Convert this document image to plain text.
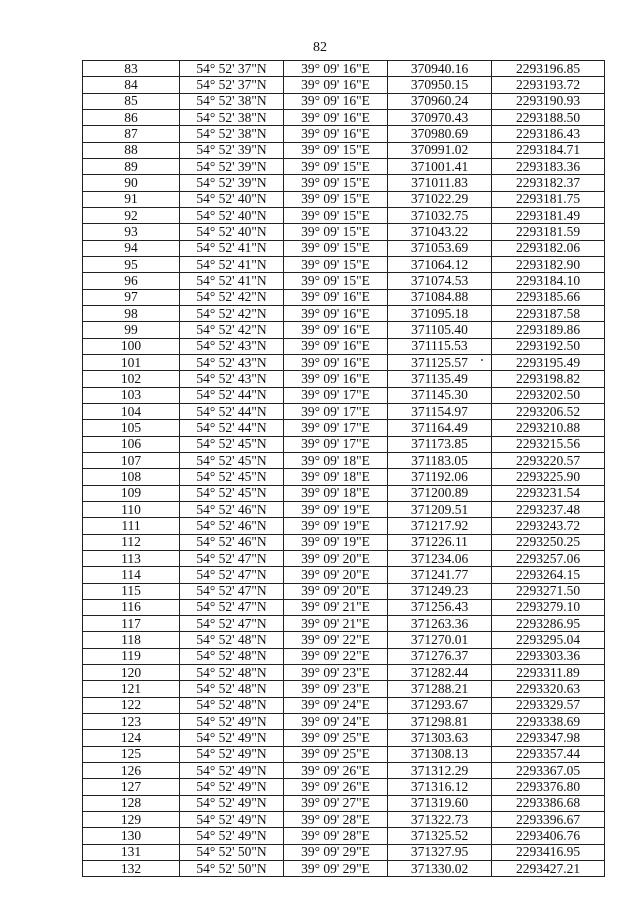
82
83	54° 52' 37"N	39° 09' 16"E	370940.16	2293196.85
84	54° 52' 37"N	39° 09' 16"E	370950.15	2293193.72
85	54° 52' 38"N	39° 09' 16"E	370960.24	2293190.93
86	54° 52' 38"N	39° 09' 16"E	370970.43	2293188.50
87	54° 52' 38"N	39° 09' 16"E	370980.69	2293186.43
88	54° 52' 39"N	39° 09' 15"E	370991.02	2293184.71
89	54° 52' 39"N	39° 09' 15"E	371001.41	2293183.36
90	54° 52' 39"N	39° 09' 15"E	371011.83	2293182.37
91	54° 52' 40"N	39° 09' 15"E	371022.29	2293181.75
92	54° 52' 40"N	39° 09' 15"E	371032.75	2293181.49
93	54° 52' 40"N	39° 09' 15"E	371043.22	2293181.59
94	54° 52' 41"N	39° 09' 15"E	371053.69	2293182.06
95	54° 52' 41"N	39° 09' 15"E	371064.12	2293182.90
96	54° 52' 41"N	39° 09' 15"E	371074.53	2293184.10
97	54° 52' 42"N	39° 09' 16"E	371084.88	2293185.66
98	54° 52' 42"N	39° 09' 16"E	371095.18	2293187.58
99	54° 52' 42"N	39° 09' 16"E	371105.40	2293189.86
100	54° 52' 43"N	39° 09' 16"E	371115.53	2293192.50
101	54° 52' 43"N	39° 09' 16"E	371125.57	2293195.49
102	54° 52' 43"N	39° 09' 16"E	371135.49	2293198.82
103	54° 52' 44"N	39° 09' 17"E	371145.30	2293202.50
104	54° 52' 44"N	39° 09' 17"E	371154.97	2293206.52
105	54° 52' 44"N	39° 09' 17"E	371164.49	2293210.88
106	54° 52' 45"N	39° 09' 17"E	371173.85	2293215.56
107	54° 52' 45"N	39° 09' 18"E	371183.05	2293220.57
108	54° 52' 45"N	39° 09' 18"E	371192.06	2293225.90
109	54° 52' 45"N	39° 09' 18"E	371200.89	2293231.54
110	54° 52' 46"N	39° 09' 19"E	371209.51	2293237.48
111	54° 52' 46"N	39° 09' 19"E	371217.92	2293243.72
112	54° 52' 46"N	39° 09' 19"E	371226.11	2293250.25
113	54° 52' 47"N	39° 09' 20"E	371234.06	2293257.06
114	54° 52' 47"N	39° 09' 20"E	371241.77	2293264.15
115	54° 52' 47"N	39° 09' 20"E	371249.23	2293271.50
116	54° 52' 47"N	39° 09' 21"E	371256.43	2293279.10
117	54° 52' 47"N	39° 09' 21"E	371263.36	2293286.95
118	54° 52' 48"N	39° 09' 22"E	371270.01	2293295.04
119	54° 52' 48"N	39° 09' 22"E	371276.37	2293303.36
120	54° 52' 48"N	39° 09' 23"E	371282.44	2293311.89
121	54° 52' 48"N	39° 09' 23"E	371288.21	2293320.63
122	54° 52' 48"N	39° 09' 24"E	371293.67	2293329.57
123	54° 52' 49"N	39° 09' 24"E	371298.81	2293338.69
124	54° 52' 49"N	39° 09' 25"E	371303.63	2293347.98
125	54° 52' 49"N	39° 09' 25"E	371308.13	2293357.44
126	54° 52' 49"N	39° 09' 26"E	371312.29	2293367.05
127	54° 52' 49"N	39° 09' 26"E	371316.12	2293376.80
128	54° 52' 49"N	39° 09' 27"E	371319.60	2293386.68
129	54° 52' 49"N	39° 09' 28"E	371322.73	2293396.67
130	54° 52' 49"N	39° 09' 28"E	371325.52	2293406.76
131	54° 52' 50"N	39° 09' 29"E	371327.95	2293416.95
132	54° 52' 50"N	39° 09' 29"E	371330.02	2293427.21
